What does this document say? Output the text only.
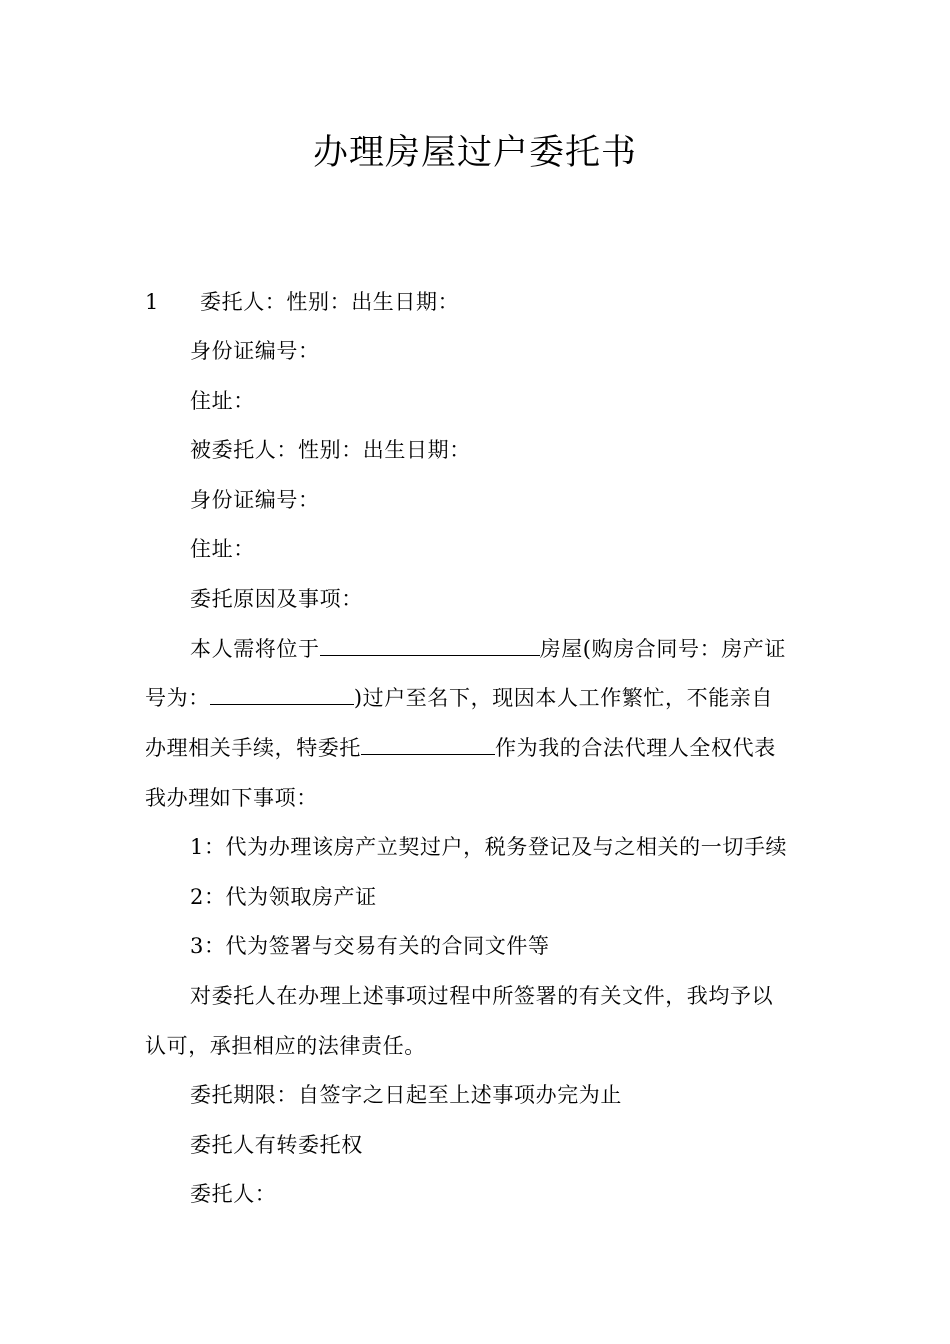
办理房屋过户委托书
1 委托人：性别：出生日期：
身份证编号：
住址：
被委托人：性别：出生日期：
身份证编号：
住址：
委托原因及事项：
本人需将位于	房屋(购房合同号：房产证
号为：	)过户至名下，现因本人工作繁忙，不能亲自
办理相关手续，特委托	作为我的合法代理人全权代表
我办理如下事项：
1：代为办理该房产立契过户，税务登记及与之相关的一切手续
2：代为领取房产证
3：代为签署与交易有关的合同文件等
对委托人在办理上述事项过程中所签署的有关文件，我均予以
认可，承担相应的法律责任。
委托期限：自签字之日起至上述事项办完为止
委托人有转委托权
委托人：
